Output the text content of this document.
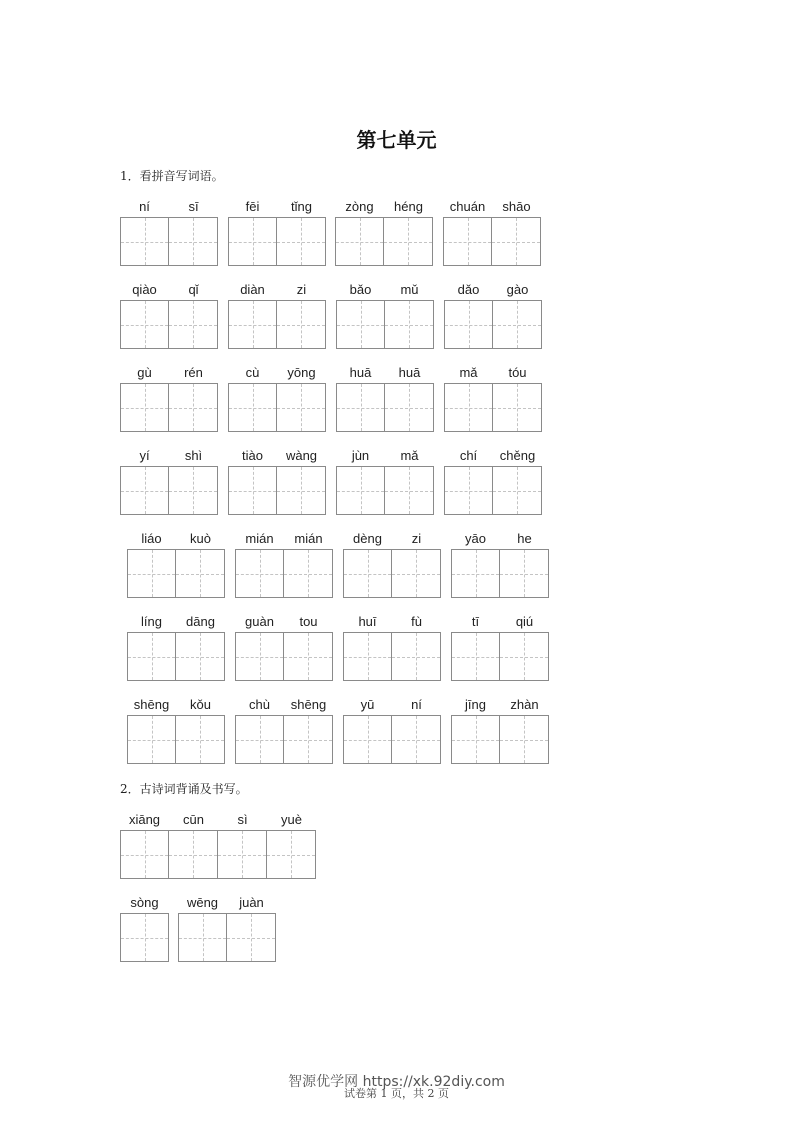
第七单元
1．看拼音写词语。
ní	sī	fēi	tǐng	zòng	héng	chuán	shāo
qiào	qǐ	diàn	zi	bǎo	mǔ	dǎo	gào
gù	rén	cù	yōng	huā	huā	mǎ	tóu
yí	shì	tiào	wàng	jùn	mǎ	chí	chěng
liáo	kuò	mián	mián	dèng	zi	yāo	he
líng	dāng	guàn	tou	huī	fù	tī	qiú
shēng	kǒu	chù	shēng	yū	ní	jīng	zhàn
2．古诗词背诵及书写。
xiāng	cūn	sì	yuè
sòng	wēng	juàn
智源优学网 https://xk.92diy.com
试卷第 1 页，共 2 页
